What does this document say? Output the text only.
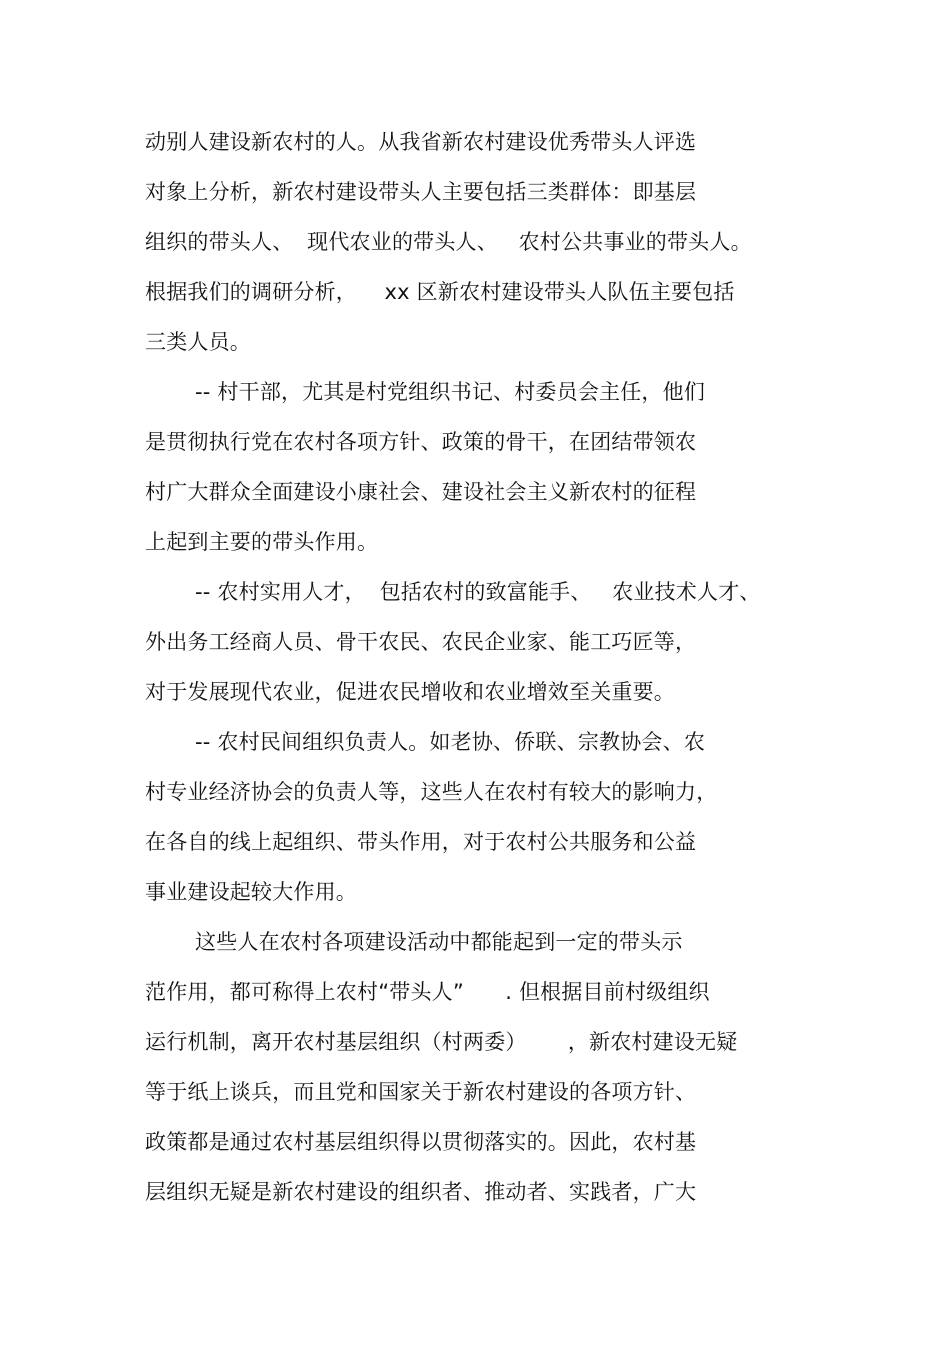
动别人建设新农村的人。从我省新农村建设优秀带头人评选
对象上分析，新农村建设带头人主要包括三类群体：即基层
组织的带头人、  现代农业的带头人、   农村公共事业的带头人。
根据我们的调研分析，    xx 区新农村建设带头人队伍主要包括
三类人员。
-- 村干部，尤其是村党组织书记、村委员会主任，他们
是贯彻执行党在农村各项方针、政策的骨干，在团结带领农
村广大群众全面建设小康社会、建设社会主义新农村的征程
上起到主要的带头作用。
-- 农村实用人才，  包括农村的致富能手、   农业技术人才、
外出务工经商人员、骨干农民、农民企业家、能工巧匠等，
对于发展现代农业，促进农民增收和农业增效至关重要。
-- 农村民间组织负责人。如老协、侨联、宗教协会、农
村专业经济协会的负责人等，这些人在农村有较大的影响力，
在各自的线上起组织、带头作用，对于农村公共服务和公益
事业建设起较大作用。
这些人在农村各项建设活动中都能起到一定的带头示
范作用，都可称得上农村“带头人”      . 但根据目前村级组织
运行机制，离开农村基层组织（村两委）      ，新农村建设无疑
等于纸上谈兵，而且党和国家关于新农村建设的各项方针、
政策都是通过农村基层组织得以贯彻落实的。因此，农村基
层组织无疑是新农村建设的组织者、推动者、实践者，广大
